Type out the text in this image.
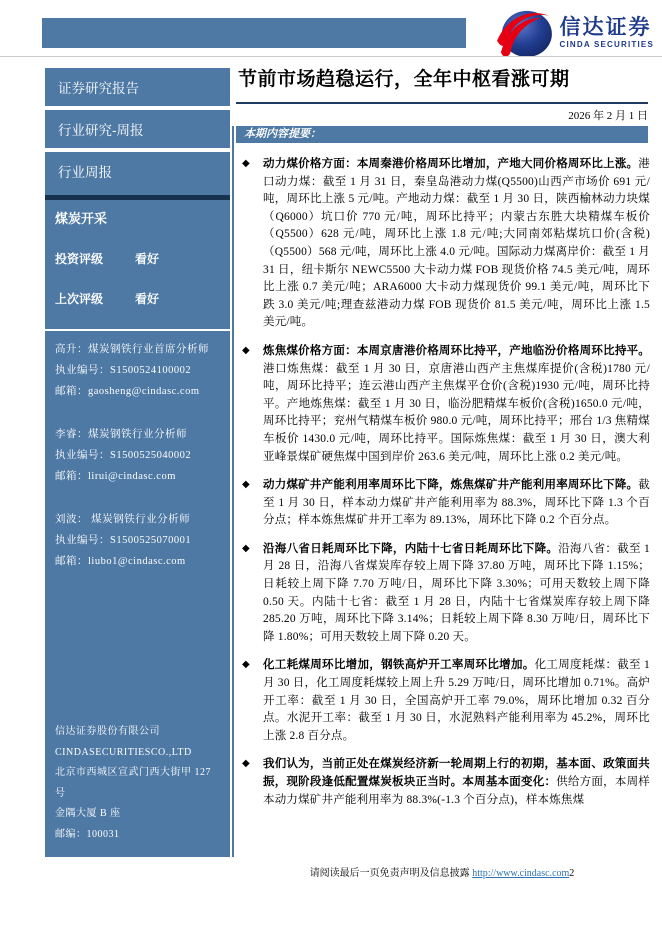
信达证券
CINDA SECURITIES
证券研究报告
行业研究-周报
行业周报
煤炭开采
投资评级	看好
上次评级	看好
高升：煤炭钢铁行业首席分析师
执业编号：S1500524100002
邮箱：gaosheng@cindasc.com
李睿：煤炭钢铁行业分析师
执业编号：S1500525040002
邮箱：lirui@cindasc.com
刘波： 煤炭钢铁行业分析师
执业编号：S1500525070001
邮箱：liubo1@cindasc.com
信达证券股份有限公司
CINDASECURITIESCO.,LTD
北京市西城区宣武门西大街甲 127 号
金隅大厦 B 座
邮编：100031
节前市场趋稳运行，全年中枢看涨可期
2026 年 2 月 1 日
本期内容提要：
◆	动力煤价格方面：本周秦港价格周环比增加，产地大同价格周环比上涨。港口动力煤：截至 1 月 31 日，秦皇岛港动力煤(Q5500)山西产市场价 691 元/吨，周环比上涨 5 元/吨。产地动力煤：截至 1 月 30 日，陕西榆林动力块煤（Q6000）坑口价 770 元/吨，周环比持平；内蒙古东胜大块精煤车板价（Q5500）628 元/吨，周环比上涨 1.8 元/吨;大同南郊粘煤坑口价(含税)（Q5500）568 元/吨，周环比上涨 4.0 元/吨。国际动力煤离岸价：截至 1 月 31 日，纽卡斯尔 NEWC5500 大卡动力煤 FOB 现货价格 74.5 美元/吨，周环比上涨 0.7 美元/吨；ARA6000 大卡动力煤现货价 99.1 美元/吨，周环比下跌 3.0 美元/吨;理查兹港动力煤 FOB 现货价 81.5 美元/吨，周环比上涨 1.5 美元/吨。
◆	炼焦煤价格方面：本周京唐港价格周环比持平，产地临汾价格周环比持平。港口炼焦煤：截至 1 月 30 日，京唐港山西产主焦煤库提价(含税)1780 元/吨，周环比持平；连云港山西产主焦煤平仓价(含税)1930 元/吨，周环比持平。产地炼焦煤：截至 1 月 30 日，临汾肥精煤车板价(含税)1650.0 元/吨，周环比持平；兖州气精煤车板价 980.0 元/吨，周环比持平；邢台 1/3 焦精煤车板价 1430.0 元/吨，周环比持平。国际炼焦煤：截至 1 月 30 日，澳大利亚峰景煤矿硬焦煤中国到岸价 263.6 美元/吨，周环比上涨 0.2 美元/吨。
◆	动力煤矿井产能利用率周环比下降，炼焦煤矿井产能利用率周环比下降。截至 1 月 30 日，样本动力煤矿井产能利用率为 88.3%，周环比下降 1.3 个百分点；样本炼焦煤矿井开工率为 89.13%，周环比下降 0.2 个百分点。
◆	沿海八省日耗周环比下降，内陆十七省日耗周环比下降。沿海八省：截至 1 月 28 日，沿海八省煤炭库存较上周下降 37.80 万吨，周环比下降 1.15%；日耗较上周下降 7.70 万吨/日，周环比下降 3.30%；可用天数较上周下降 0.50 天。内陆十七省：截至 1 月 28 日，内陆十七省煤炭库存较上周下降 285.20 万吨，周环比下降 3.14%；日耗较上周下降 8.30 万吨/日，周环比下降 1.80%；可用天数较上周下降 0.20 天。
◆	化工耗煤周环比增加，钢铁高炉开工率周环比增加。化工周度耗煤：截至 1 月 30 日，化工周度耗煤较上周上升 5.29 万吨/日，周环比增加 0.71%。高炉开工率：截至 1 月 30 日，全国高炉开工率 79.0%，周环比增加 0.32 百分点。水泥开工率：截至 1 月 30 日，水泥熟料产能利用率为 45.2%，周环比上涨 2.8 百分点。
◆	我们认为，当前正处在煤炭经济新一轮周期上行的初期，基本面、政策面共振，现阶段逢低配置煤炭板块正当时。本周基本面变化：供给方面，本周样本动力煤矿井产能利用率为 88.3%(-1.3 个百分点)，样本炼焦煤
请阅读最后一页免责声明及信息披露 http://www.cindasc.com2
